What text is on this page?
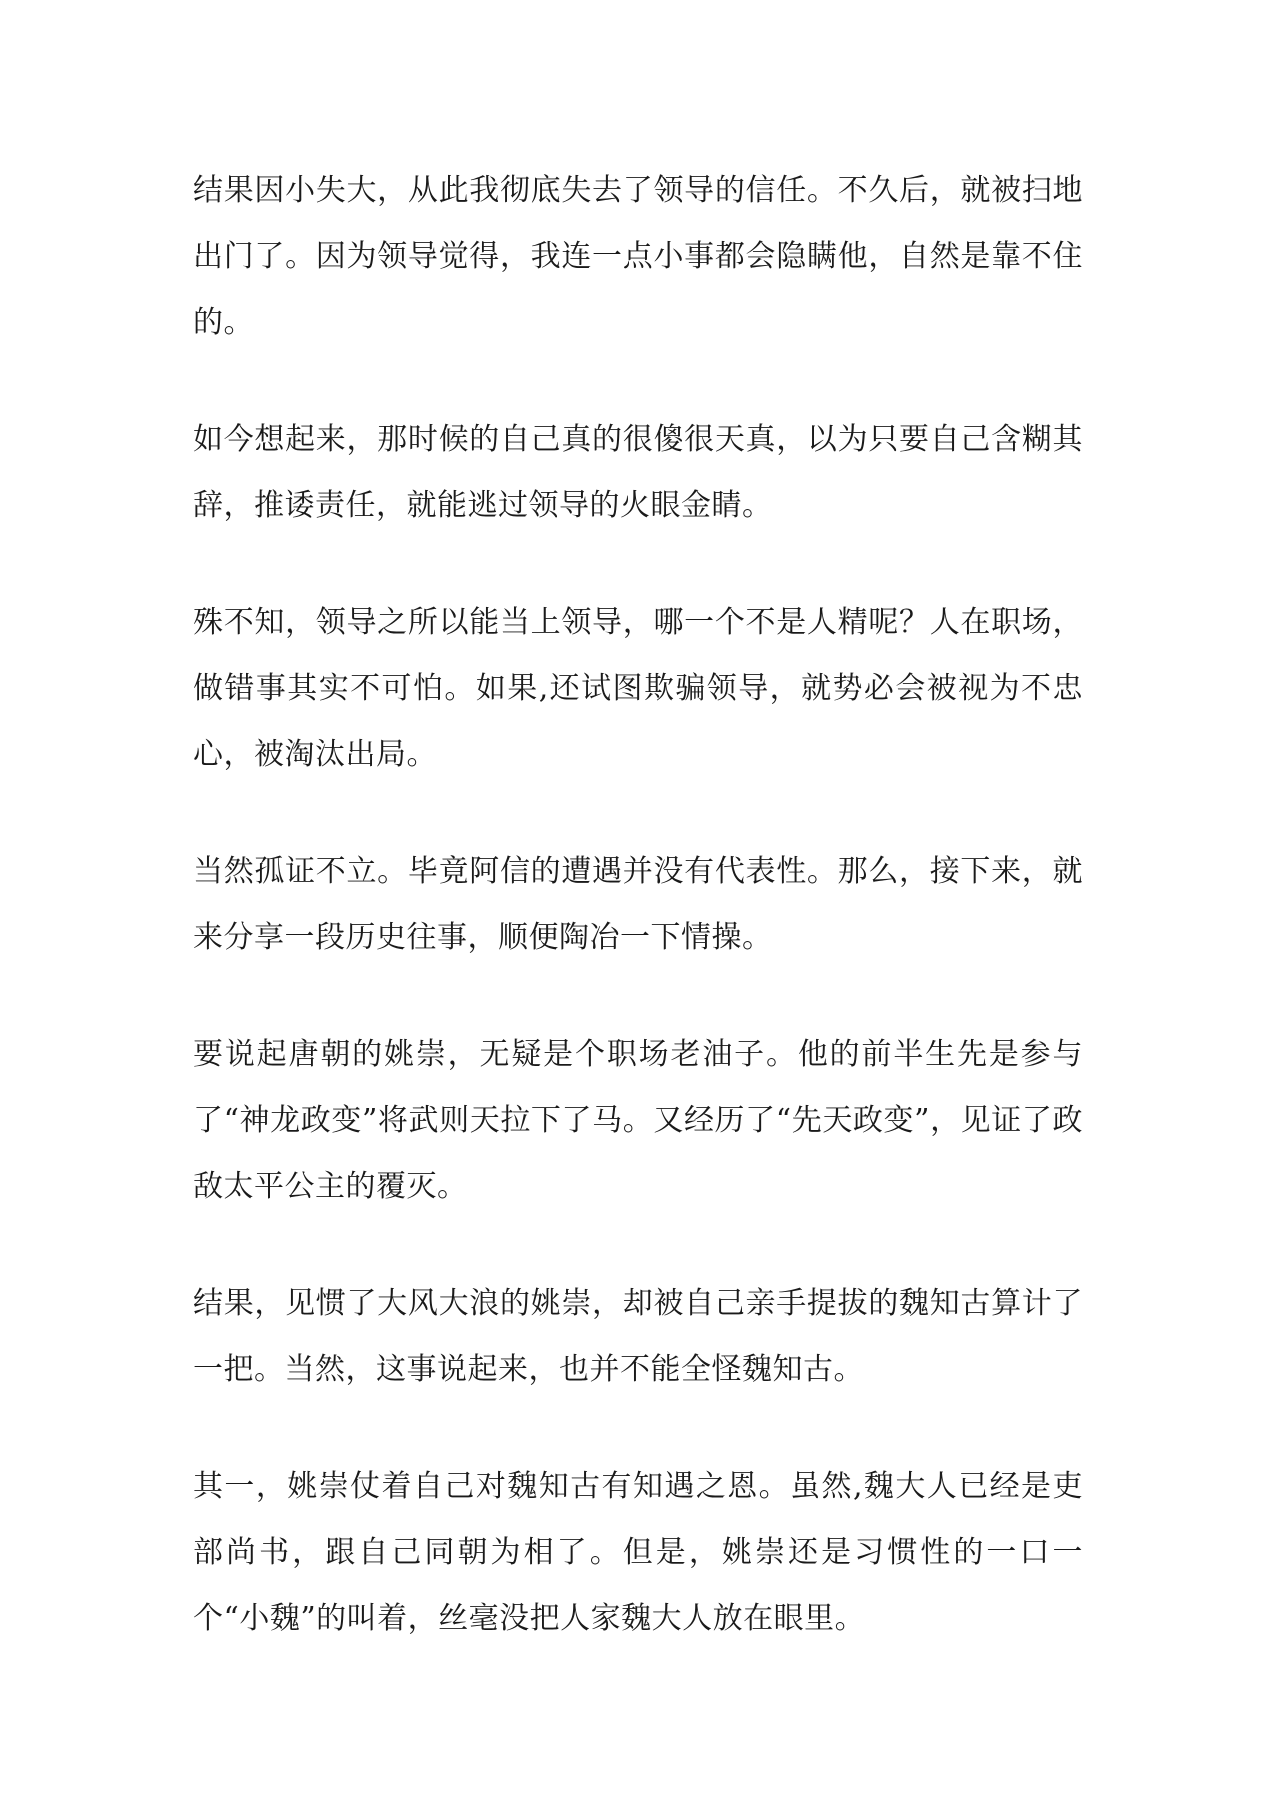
结果因小失大，从此我彻底失去了领导的信任。不久后，就被扫地出门了。因为领导觉得，我连一点小事都会隐瞒他，自然是靠不住的。

如今想起来，那时候的自己真的很傻很天真，以为只要自己含糊其辞，推诿责任，就能逃过领导的火眼金睛。

殊不知，领导之所以能当上领导，哪一个不是人精呢？人在职场，做错事其实不可怕。如果,还试图欺骗领导，就势必会被视为不忠心，被淘汰出局。

当然孤证不立。毕竟阿信的遭遇并没有代表性。那么，接下来，就来分享一段历史往事，顺便陶冶一下情操。

要说起唐朝的姚崇，无疑是个职场老油子。他的前半生先是参与了“神龙政变”将武则天拉下了马。又经历了“先天政变”，见证了政敌太平公主的覆灭。

结果，见惯了大风大浪的姚崇，却被自己亲手提拔的魏知古算计了一把。当然，这事说起来，也并不能全怪魏知古。

其一，姚崇仗着自己对魏知古有知遇之恩。虽然,魏大人已经是吏部尚书，跟自己同朝为相了。但是，姚崇还是习惯性的一口一个“小魏”的叫着，丝毫没把人家魏大人放在眼里。
